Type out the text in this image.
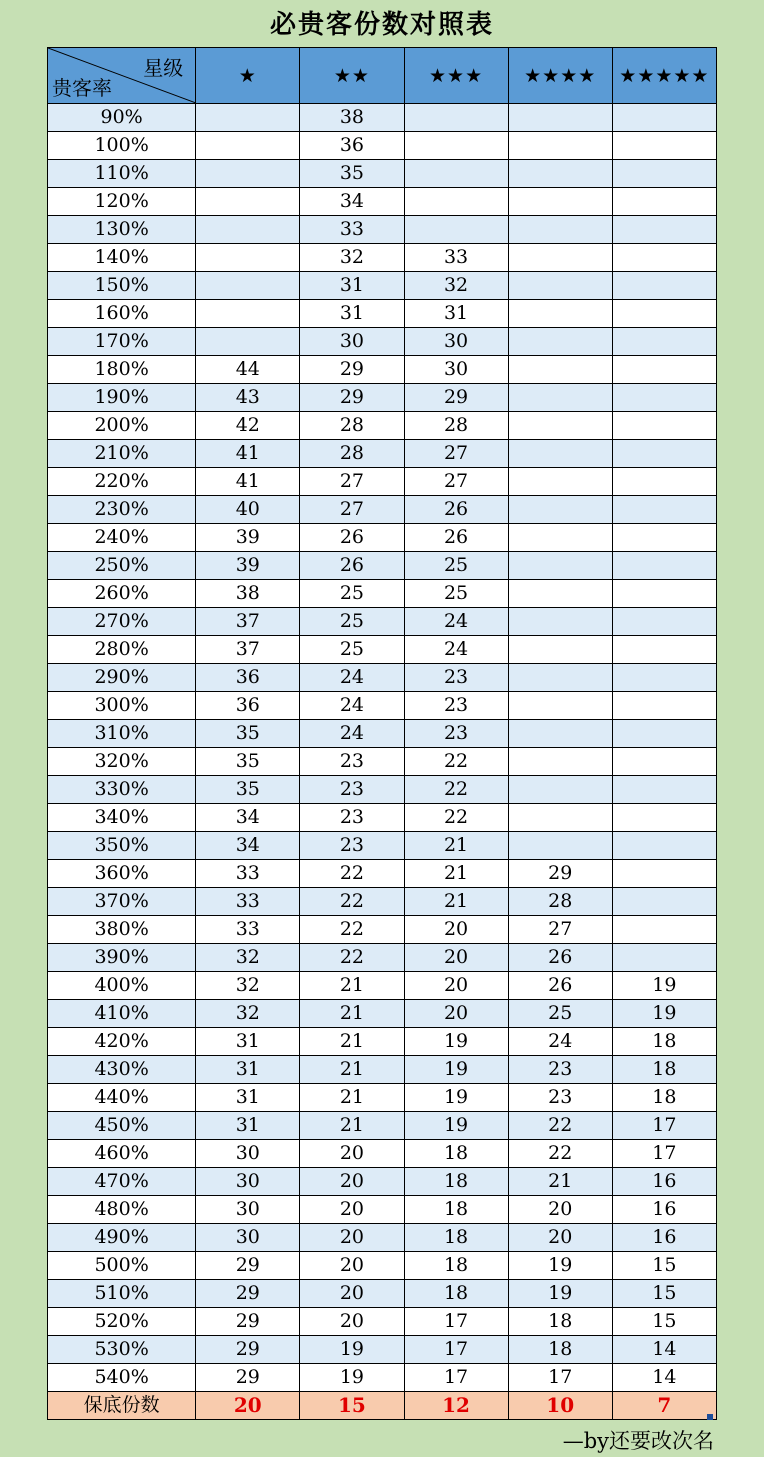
必贵客份数对照表
星级
贵客率	★	★★	★★★	★★★★	★★★★★
90%		38			
100%		36			
110%		35			
120%		34			
130%		33			
140%		32	33		
150%		31	32		
160%		31	31		
170%		30	30		
180%	44	29	30		
190%	43	29	29		
200%	42	28	28		
210%	41	28	27		
220%	41	27	27		
230%	40	27	26		
240%	39	26	26		
250%	39	26	25		
260%	38	25	25		
270%	37	25	24		
280%	37	25	24		
290%	36	24	23		
300%	36	24	23		
310%	35	24	23		
320%	35	23	22		
330%	35	23	22		
340%	34	23	22		
350%	34	23	21		
360%	33	22	21	29	
370%	33	22	21	28	
380%	33	22	20	27	
390%	32	22	20	26	
400%	32	21	20	26	19
410%	32	21	20	25	19
420%	31	21	19	24	18
430%	31	21	19	23	18
440%	31	21	19	23	18
450%	31	21	19	22	17
460%	30	20	18	22	17
470%	30	20	18	21	16
480%	30	20	18	20	16
490%	30	20	18	20	16
500%	29	20	18	19	15
510%	29	20	18	19	15
520%	29	20	17	18	15
530%	29	19	17	18	14
540%	29	19	17	17	14
保底份数	20	15	12	10	7
—by还要改次名
